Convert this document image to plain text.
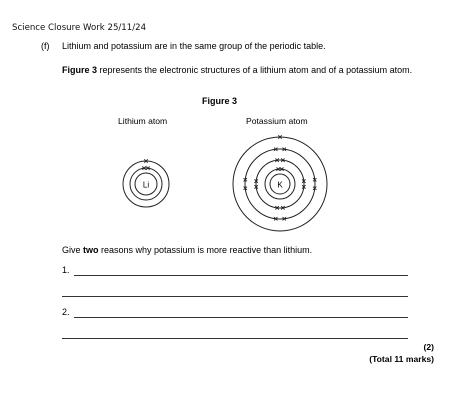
Science Closure Work 25/11/24
(f) Lithium and potassium are in the same group of the periodic table.
Figure 3 represents the electronic structures of a lithium atom and of a potassium atom.
Figure 3
Lithium atom	Potassium atom
Li	K
Give two reasons why potassium is more reactive than lithium.
1.
2.
(2)
(Total 11 marks)
